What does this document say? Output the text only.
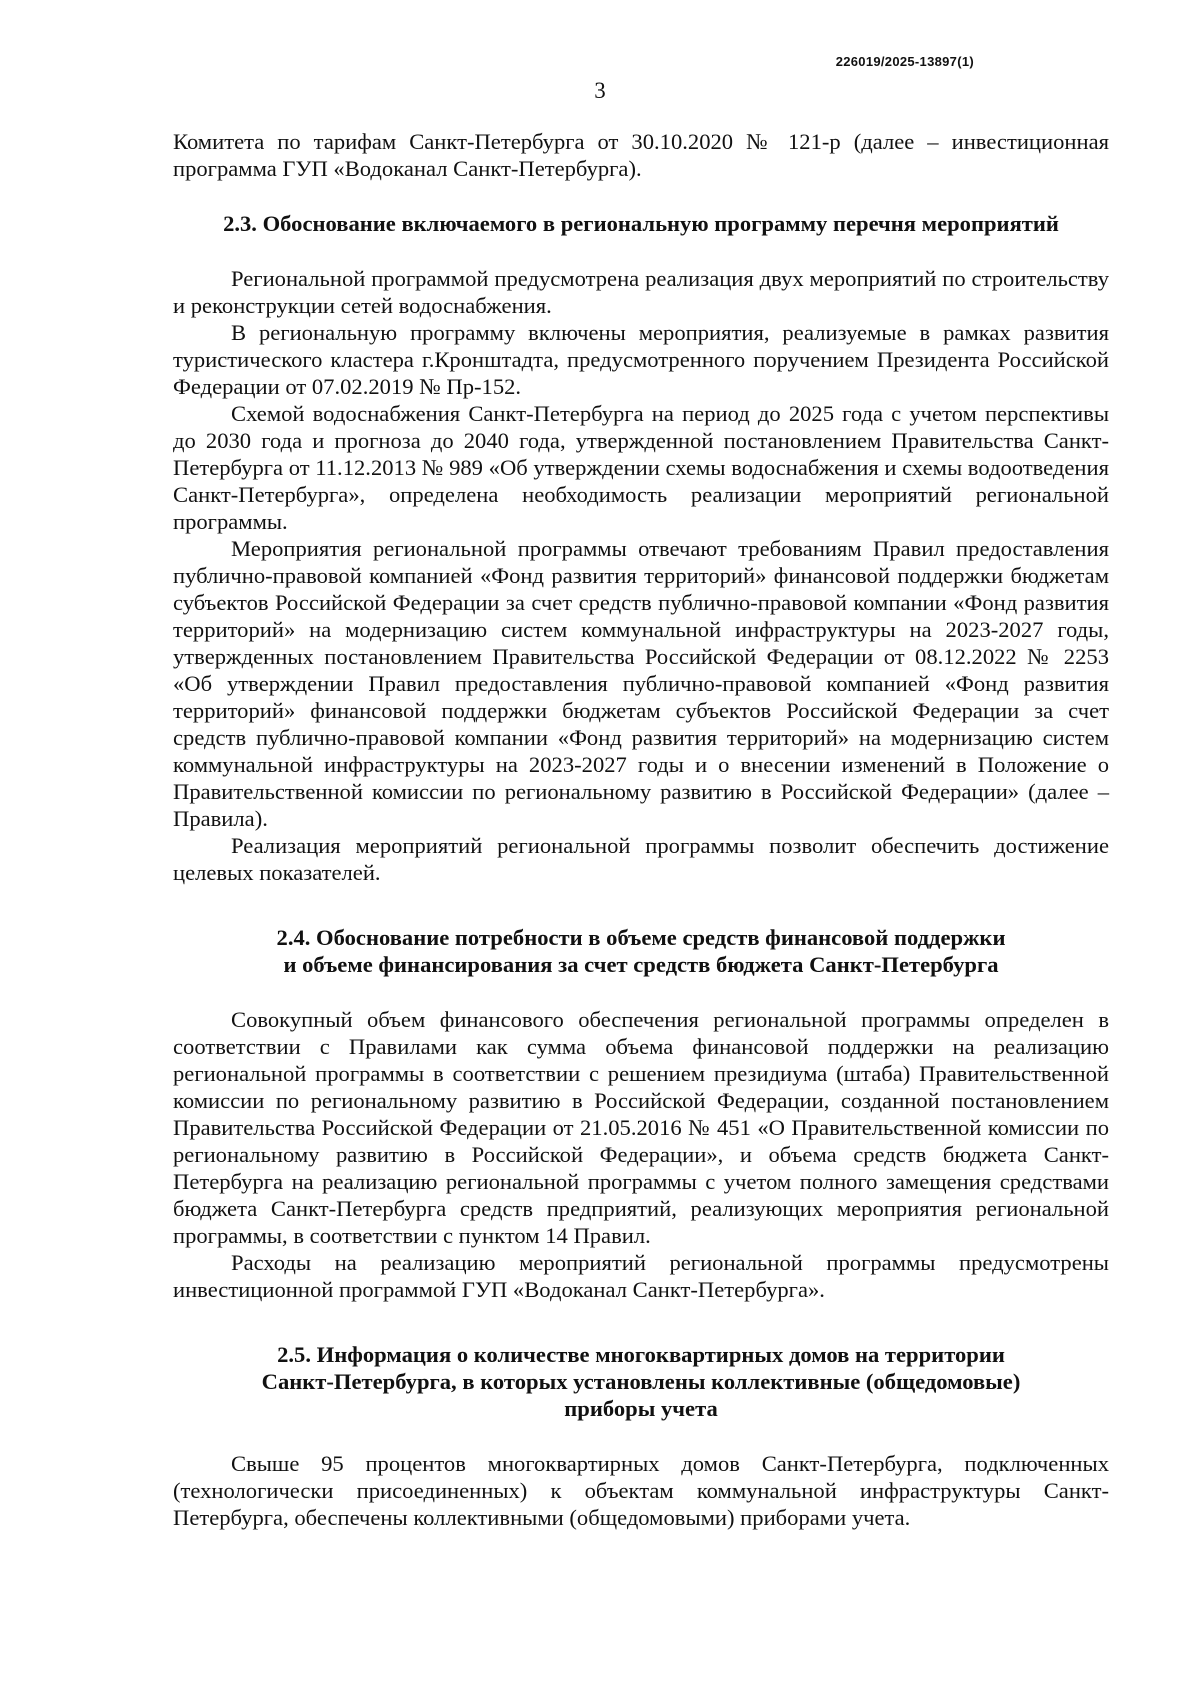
226019/2025-13897(1)
3

Комитета по тарифам Санкт-Петербурга от 30.10.2020 № 121-р (далее – инвестиционная программа ГУП «Водоканал Санкт-Петербурга).

2.3. Обоснование включаемого в региональную программу перечня мероприятий

Региональной программой предусмотрена реализация двух мероприятий по строительству и реконструкции сетей водоснабжения.

В региональную программу включены мероприятия, реализуемые в рамках развития туристического кластера г.Кронштадта, предусмотренного поручением Президента Российской Федерации от 07.02.2019 № Пр-152.

Схемой водоснабжения Санкт-Петербурга на период до 2025 года с учетом перспективы до 2030 года и прогноза до 2040 года, утвержденной постановлением Правительства Санкт-Петербурга от 11.12.2013 № 989 «Об утверждении схемы водоснабжения и схемы водоотведения Санкт-Петербурга», определена необходимость реализации мероприятий региональной программы.

Мероприятия региональной программы отвечают требованиям Правил предоставления публично-правовой компанией «Фонд развития территорий» финансовой поддержки бюджетам субъектов Российской Федерации за счет средств публично-правовой компании «Фонд развития территорий» на модернизацию систем коммунальной инфраструктуры на 2023-2027 годы, утвержденных постановлением Правительства Российской Федерации от 08.12.2022 № 2253 «Об утверждении Правил предоставления публично-правовой компанией «Фонд развития территорий» финансовой поддержки бюджетам субъектов Российской Федерации за счет средств публично-правовой компании «Фонд развития территорий» на модернизацию систем коммунальной инфраструктуры на 2023-2027 годы и о внесении изменений в Положение о Правительственной комиссии по региональному развитию в Российской Федерации» (далее – Правила).

Реализация мероприятий региональной программы позволит обеспечить достижение целевых показателей.

2.4. Обоснование потребности в объеме средств финансовой поддержки
и объеме финансирования за счет средств бюджета Санкт-Петербурга

Совокупный объем финансового обеспечения региональной программы определен в соответствии с Правилами как сумма объема финансовой поддержки на реализацию региональной программы в соответствии с решением президиума (штаба) Правительственной комиссии по региональному развитию в Российской Федерации, созданной постановлением Правительства Российской Федерации от 21.05.2016 № 451 «О Правительственной комиссии по региональному развитию в Российской Федерации», и объема средств бюджета Санкт-Петербурга на реализацию региональной программы с учетом полного замещения средствами бюджета Санкт-Петербурга средств предприятий, реализующих мероприятия региональной программы, в соответствии с пунктом 14 Правил.

Расходы на реализацию мероприятий региональной программы предусмотрены инвестиционной программой ГУП «Водоканал Санкт-Петербурга».

2.5. Информация о количестве многоквартирных домов на территории
Санкт-Петербурга, в которых установлены коллективные (общедомовые)
приборы учета

Свыше 95 процентов многоквартирных домов Санкт-Петербурга, подключенных (технологически присоединенных) к объектам коммунальной инфраструктуры Санкт-Петербурга, обеспечены коллективными (общедомовыми) приборами учета.
